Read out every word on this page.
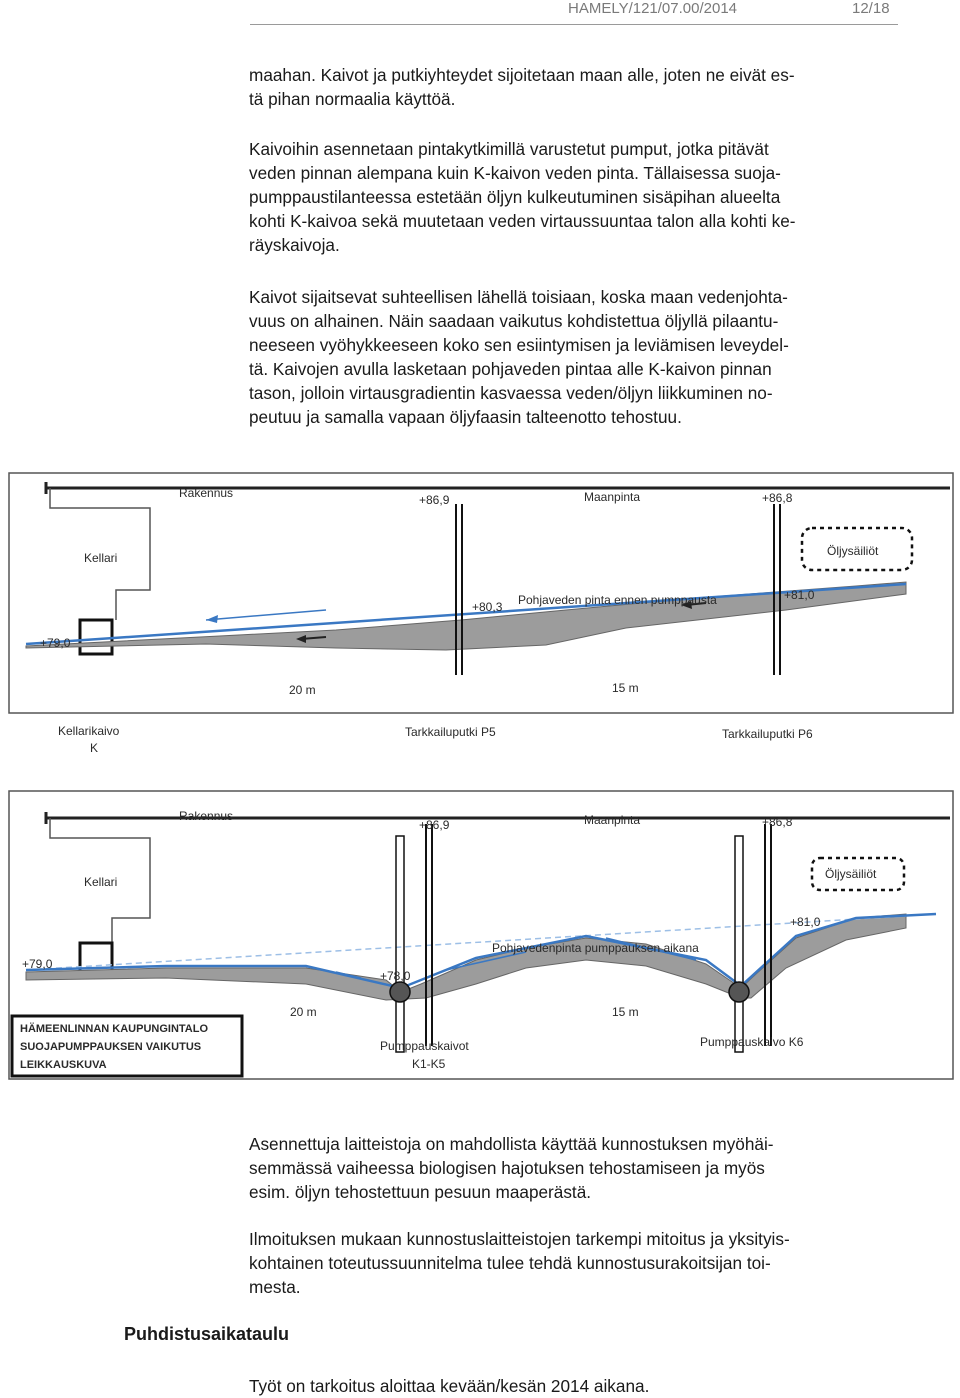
HAMELY/121/07.00/2014	12/18

maahan. Kaivot ja putkiyhteydet sijoitetaan maan alle, joten ne eivät es-

tä pihan normaalia käyttöä.

Kaivoihin asennetaan pintakytkimillä varustetut pumput, jotka pitävät

veden pinnan alempana kuin K-kaivon veden pinta. Tällaisessa suoja-

pumppaustilanteessa estetään öljyn kulkeutuminen sisäpihan alueelta

kohti K-kaivoa sekä muutetaan veden virtaussuuntaa talon alla kohti ke-

räyskaivoja.

Kaivot sijaitsevat suhteellisen lähellä toisiaan, koska maan vedenjohta-

vuus on alhainen. Näin saadaan vaikutus kohdistettua öljyllä pilaantu-

neeseen vyöhykkeeseen koko sen esiintymisen ja leviämisen leveydel-

tä. Kaivojen avulla lasketaan pohjaveden pintaa alle K-kaivon pinnan

tason, jolloin virtausgradientin kasvaessa veden/öljyn liikkuminen no-

peutuu ja samalla vapaan öljyfaasin talteenotto tehostuu.

Rakennus	+86,9	Maanpinta	+86,8
Kellari	Öljysäiliöt
+79,0
+80,3 Pohjaveden pinta ennen pumppausta	+81,0
20 m	15 m
Kellarikaivo
K
Tarkkailuputki P5	Tarkkailuputki P6
Rakennus
+86,9	Maanpinta	+86,8
Kellari
Öljysäiliöt
+79,0
+78,0
Pohjavedenpinta pumppauksen aikana
+81,0
20 m	15 m
HÄMEENLINNAN KAUPUNGINTALO
SUOJAPUMPPAUKSEN VAIKUTUS
LEIKKAUSKUVA
Pumppauskaivot
K1-K5
Pumppauskaivo K6

Asennettuja laitteistoja on mahdollista käyttää kunnostuksen myöhäi-

semmässä vaiheessa biologisen hajotuksen tehostamiseen ja myös

esim. öljyn tehostettuun pesuun maaperästä.

Ilmoituksen mukaan kunnostuslaitteistojen tarkempi mitoitus ja yksityis-

kohtainen toteutussuunnitelma tulee tehdä kunnostusurakoitsijan toi-

mesta.

Puhdistusaikataulu

Työt on tarkoitus aloittaa kevään/kesän 2014 aikana.
